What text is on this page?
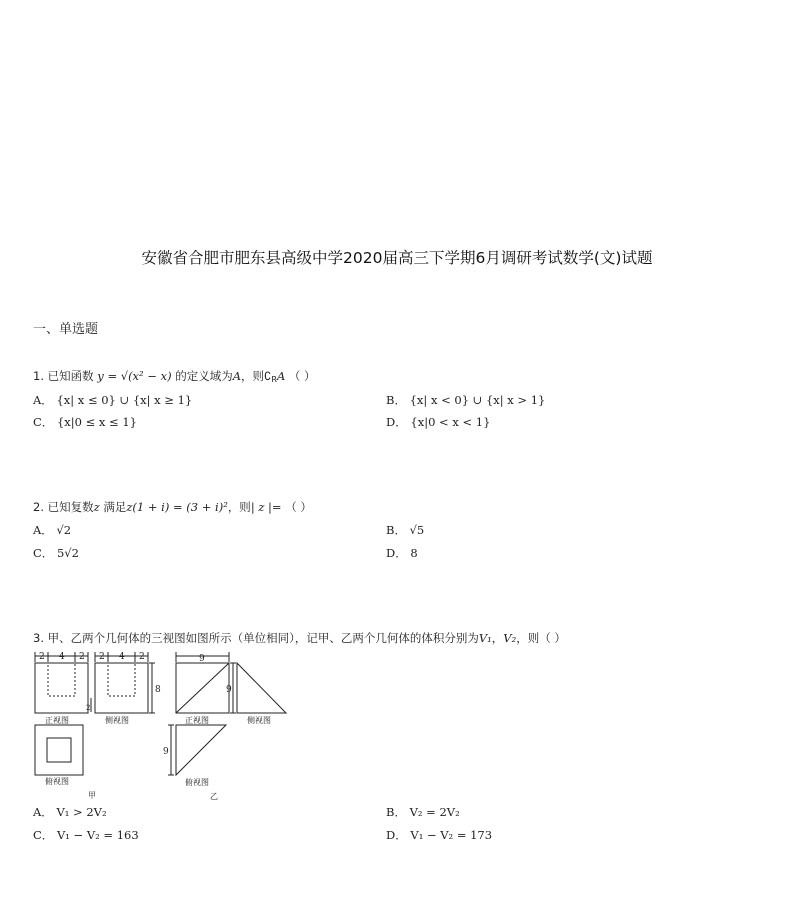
安徽省合肥市肥东县高级中学2020届高三下学期6月调研考试数学(文)试题
一、单选题
1. 已知函数 y = √(x² − x) 的定义域为A，则$∁_RA$ （ ）
A． {x| x ≤ 0} ∪ {x| x ≥ 1}	B． {x| x < 0} ∪ {x| x > 1}
C． {x|0 ≤ x ≤ 1}	D． {x|0 < x < 1}
2. 已知复数z 满足z(1 + i) = (3 + i)²，则| z |= （ ）
A． √2	B． √5
C． 5√2	D． 8
3. 甲、乙两个几何体的三视图如图所示（单位相同），记甲、乙两个几何体的体积分别为V₁，V₂，则（ ）
2 4 2 2 4 2
8
2
9
9
9
正视图	侧视图
俯视图
甲
正视图	侧视图
俯视图
乙
A． V₁ > 2V₂	B． V₂ = 2V₂
C． V₁ − V₂ = 163	D． V₁ − V₂ = 173
